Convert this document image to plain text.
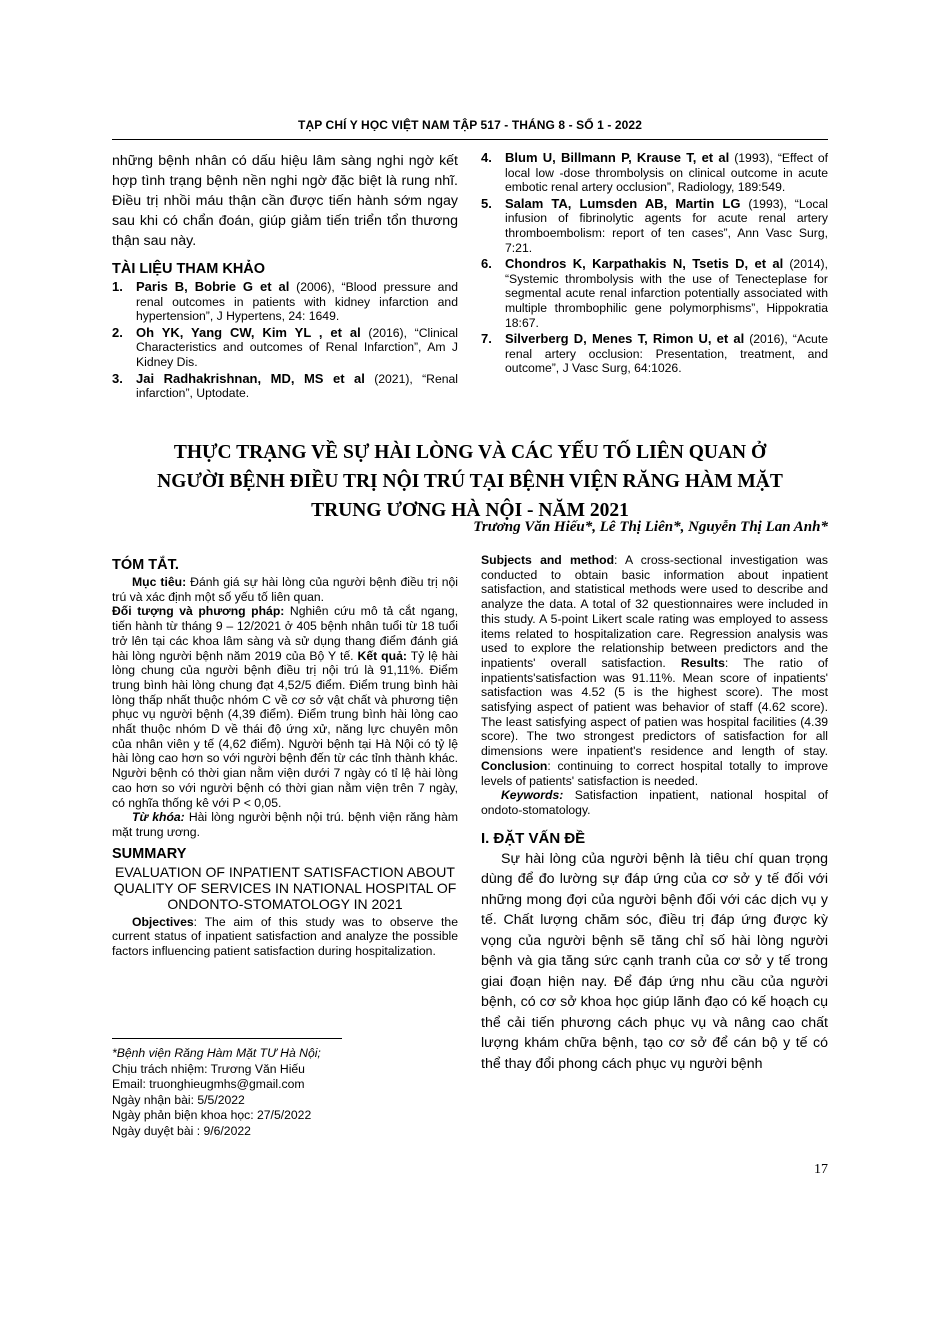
TẠP CHÍ Y HỌC VIỆT NAM TẬP 517 - THÁNG 8 - SỐ 1 - 2022

những bệnh nhân có dấu hiệu lâm sàng nghi ngờ kết hợp tình trạng bệnh nền nghi ngờ đặc biệt là rung nhĩ. Điều trị nhồi máu thận cần được tiến hành sớm ngay sau khi có chẩn đoán, giúp giảm tiến triển tổn thương thận sau này.

TÀI LIỆU THAM KHẢO
1. Paris B, Bobrie G et al (2006), “Blood pressure and renal outcomes in patients with kidney infarction and hypertension”, J Hypertens, 24: 1649.
2. Oh YK, Yang CW, Kim YL , et al (2016), “Clinical Characteristics and outcomes of Renal Infarction”, Am J Kidney Dis.
3. Jai Radhakrishnan, MD, MS et al (2021), “Renal infarction”, Uptodate.
4. Blum U, Billmann P, Krause T, et al (1993), “Effect of local low -dose thrombolysis on clinical outcome in acute embotic renal artery occlusion”, Radiology, 189:549.
5. Salam TA, Lumsden AB, Martin LG (1993), “Local infusion of fibrinolytic agents for acute renal artery thromboembolism: report of ten cases”, Ann Vasc Surg, 7:21.
6. Chondros K, Karpathakis N, Tsetis D, et al (2014), “Systemic thrombolysis with the use of Tenecteplase for segmental acute renal infarction potentially associated with multiple thrombophilic gene polymorphisms”, Hippokratia 18:67.
7. Silverberg D, Menes T, Rimon U, et al (2016), “Acute renal artery occlusion: Presentation, treatment, and outcome”, J Vasc Surg, 64:1026.
THỰC TRẠNG VỀ SỰ HÀI LÒNG VÀ CÁC YẾU TỐ LIÊN QUAN Ở
NGƯỜI BỆNH ĐIỀU TRỊ NỘI TRÚ TẠI BỆNH VIỆN RĂNG HÀM MẶT
TRUNG ƯƠNG HÀ NỘI - NĂM 2021
Trương Văn Hiếu*, Lê Thị Liên*, Nguyễn Thị Lan Anh*
TÓM TẮT.

Mục tiêu: Đánh giá sự hài lòng của người bệnh điều trị nội trú và xác định một số yếu tố liên quan.

Đối tượng và phương pháp: Nghiên cứu mô tả cắt ngang, tiến hành từ tháng 9 – 12/2021 ở 405 bệnh nhân tuổi từ 18 tuổi trở lên tại các khoa lâm sàng và sử dụng thang điểm đánh giá hài lòng người bệnh năm 2019 của Bộ Y tế. Kết quả: Tỷ lệ hài lòng chung của người bệnh điều trị nội trú là 91,11%. Điểm trung bình hài lòng chung đạt 4,52/5 điểm. Điểm trung bình hài lòng thấp nhất thuộc nhóm C về cơ sở vật chất và phương tiện phục vụ người bệnh (4,39 điểm). Điểm trung bình hài lòng cao nhất thuộc nhóm D về thái độ ứng xử, năng lực chuyên môn của nhân viên y tế (4,62 điểm). Người bệnh tại Hà Nội có tỷ lệ hài lòng cao hơn so với người bệnh đến từ các tỉnh thành khác. Người bệnh có thời gian nằm viện dưới 7 ngày có tỉ lệ hài lòng cao hơn so với người bệnh có thời gian nằm viện trên 7 ngày, có nghĩa thống kê với P < 0,05.

Từ khóa: Hài lòng người bệnh nội trú. bệnh viện răng hàm mặt trung ương.

SUMMARY
EVALUATION OF INPATIENT SATISFACTION ABOUT QUALITY OF SERVICES IN NATIONAL HOSPITAL OF ONDONTO-STOMATOLOGY IN 2021

Objectives: The aim of this study was to observe the current status of inpatient satisfaction and analyze the possible factors influencing patient satisfaction during hospitalization.

Subjects and method: A cross-sectional investigation was conducted to obtain basic information about inpatient satisfaction, and statistical methods were used to describe and analyze the data. A total of 32 questionnaires were included in this study. A 5-point Likert scale rating was employed to assess items related to hospitalization care. Regression analysis was used to explore the relationship between predictors and the inpatients' overall satisfaction. Results: The ratio of inpatients'satisfaction was 91.11%. Mean score of inpatients' satisfaction was 4.52 (5 is the highest score). The most satisfying aspect of patient was behavior of staff (4.62 score). The least satisfying aspect of patien was hospital facilities (4.39 score). The two strongest predictors of satisfaction for all dimensions were inpatient's residence and length of stay. Conclusion: continuing to correct hospital totally to improve levels of patients' satisfaction is needed.

Keywords: Satisfaction inpatient, national hospital of ondoto-stomatology.

I. ĐẶT VẤN ĐỀ

Sự hài lòng của người bệnh là tiêu chí quan trọng dùng để đo lường sự đáp ứng của cơ sở y tế đối với những mong đợi của người bệnh đối với các dịch vụ y tế. Chất lượng chăm sóc, điều trị đáp ứng được kỳ vọng của người bệnh sẽ tăng chỉ số hài lòng người bệnh và gia tăng sức cạnh tranh của cơ sở y tế trong giai đoạn hiện nay. Để đáp ứng nhu cầu của người bệnh, có cơ sở khoa học giúp lãnh đạo có kế hoạch cụ thể cải tiến phương cách phục vụ và nâng cao chất lượng khám chữa bệnh, tạo cơ sở để cán bộ y tế có thể thay đổi phong cách phục vụ người bệnh

*Bệnh viện Răng Hàm Mặt TƯ Hà Nội;
Chịu trách nhiệm: Trương Văn Hiếu
Email: truonghieugmhs@gmail.com
Ngày nhận bài: 5/5/2022
Ngày phản biện khoa học: 27/5/2022
Ngày duyệt bài : 9/6/2022
17
